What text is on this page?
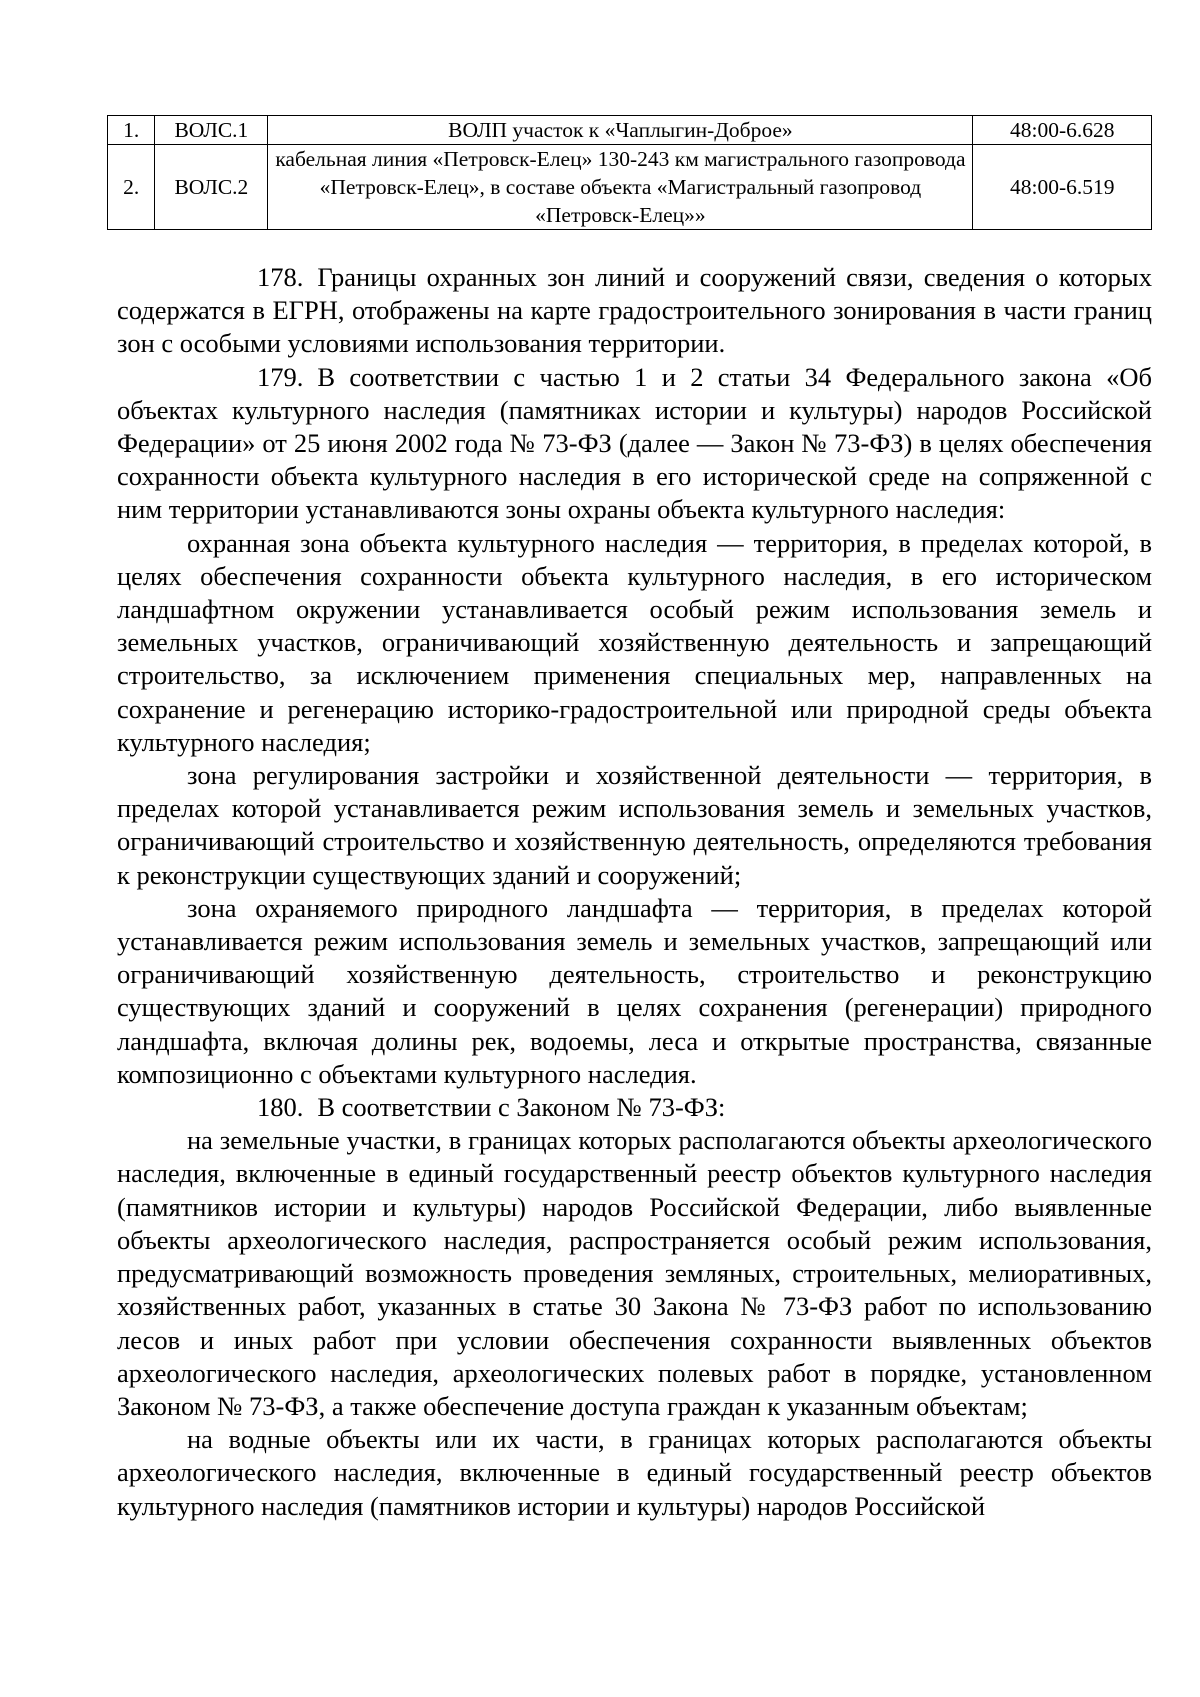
1.	ВОЛС.1	ВОЛП участок к «Чаплыгин-Доброе»	48:00-6.628
2.	ВОЛС.2	кабельная линия «Петровск-Елец» 130-243 км магистрального газопровода «Петровск-Елец», в составе объекта «Магистральный газопровод «Петровск-Елец»»	48:00-6.519

178. Границы охранных зон линий и сооружений связи, сведения о которых содержатся в ЕГРН, отображены на карте градостроительного зонирования в части границ зон с особыми условиями использования территории.

179. В соответствии с частью 1 и 2 статьи 34 Федерального закона «Об объектах культурного наследия (памятниках истории и культуры) народов Российской Федерации» от 25 июня 2002 года № 73-ФЗ (далее — Закон № 73-ФЗ) в целях обеспечения сохранности объекта культурного наследия в его исторической среде на сопряженной с ним территории устанавливаются зоны охраны объекта культурного наследия:

охранная зона объекта культурного наследия — территория, в пределах которой, в целях обеспечения сохранности объекта культурного наследия, в его историческом ландшафтном окружении устанавливается особый режим использования земель и земельных участков, ограничивающий хозяйственную деятельность и запрещающий строительство, за исключением применения специальных мер, направленных на сохранение и регенерацию историко-градостроительной или природной среды объекта культурного наследия;

зона регулирования застройки и хозяйственной деятельности — территория, в пределах которой устанавливается режим использования земель и земельных участков, ограничивающий строительство и хозяйственную деятельность, определяются требования к реконструкции существующих зданий и сооружений;

зона охраняемого природного ландшафта — территория, в пределах которой устанавливается режим использования земель и земельных участков, запрещающий или ограничивающий хозяйственную деятельность, строительство и реконструкцию существующих зданий и сооружений в целях сохранения (регенерации) природного ландшафта, включая долины рек, водоемы, леса и открытые пространства, связанные композиционно с объектами культурного наследия.

180. В соответствии с Законом № 73-ФЗ:

на земельные участки, в границах которых располагаются объекты археологического наследия, включенные в единый государственный реестр объектов культурного наследия (памятников истории и культуры) народов Российской Федерации, либо выявленные объекты археологического наследия, распространяется особый режим использования, предусматривающий возможность проведения земляных, строительных, мелиоративных, хозяйственных работ, указанных в статье 30 Закона № 73-ФЗ работ по использованию лесов и иных работ при условии обеспечения сохранности выявленных объектов археологического наследия, археологических полевых работ в порядке, установленном Законом № 73-ФЗ, а также обеспечение доступа граждан к указанным объектам;

на водные объекты или их части, в границах которых располагаются объекты археологического наследия, включенные в единый государственный реестр объектов культурного наследия (памятников истории и культуры) народов Российской
